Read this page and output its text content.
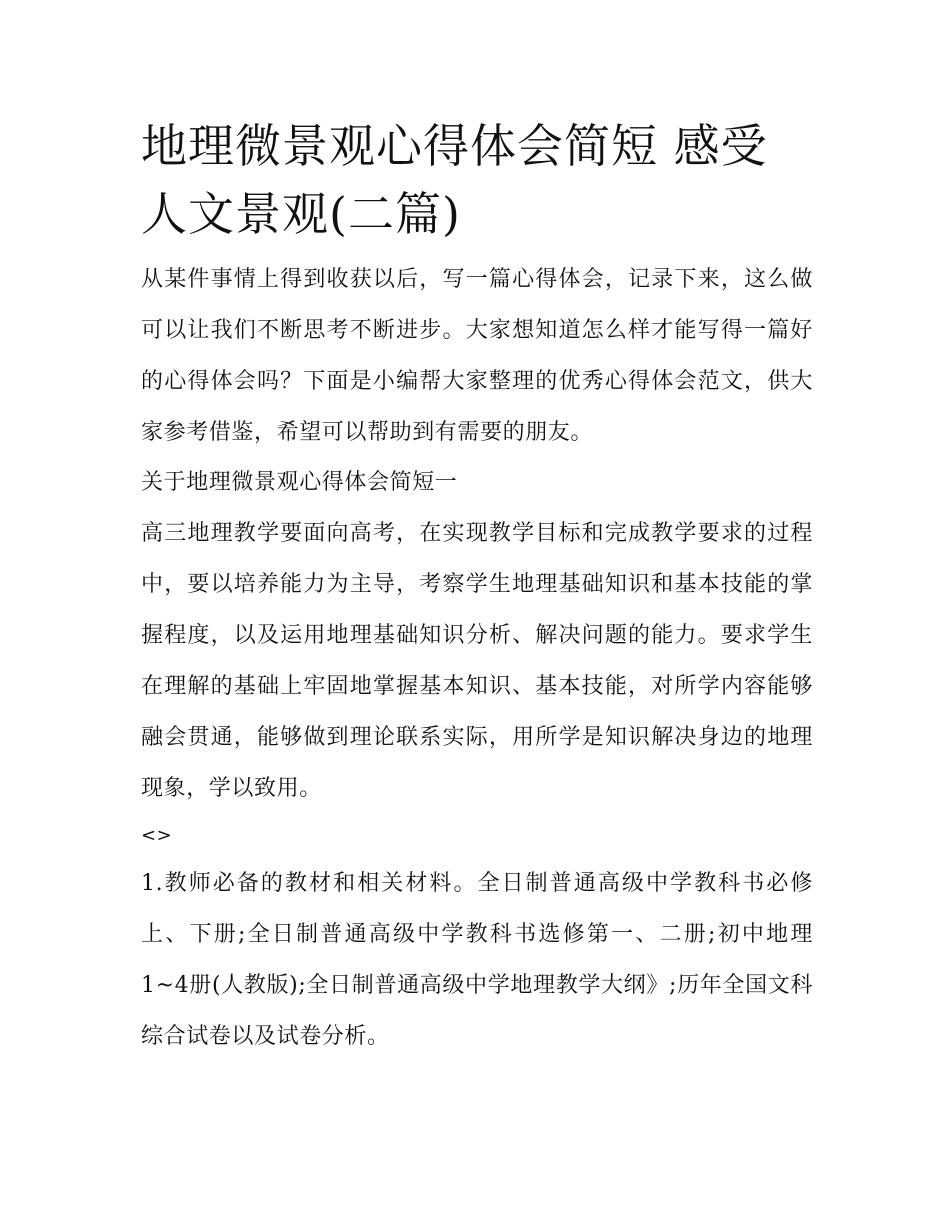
地理微景观心得体会简短 感受人文景观(二篇)

从某件事情上得到收获以后，写一篇心得体会，记录下来，这么做可以让我们不断思考不断进步。大家想知道怎么样才能写得一篇好的心得体会吗？下面是小编帮大家整理的优秀心得体会范文，供大家参考借鉴，希望可以帮助到有需要的朋友。

关于地理微景观心得体会简短一

高三地理教学要面向高考，在实现教学目标和完成教学要求的过程中，要以培养能力为主导，考察学生地理基础知识和基本技能的掌握程度，以及运用地理基础知识分析、解决问题的能力。要求学生在理解的基础上牢固地掌握基本知识、基本技能，对所学内容能够融会贯通，能够做到理论联系实际，用所学是知识解决身边的地理现象，学以致用。

<>

1.教师必备的教材和相关材料。全日制普通高级中学教科书必修上、下册;全日制普通高级中学教科书选修第一、二册;初中地理1~4册(人教版);全日制普通高级中学地理教学大纲》;历年全国文科综合试卷以及试卷分析。
